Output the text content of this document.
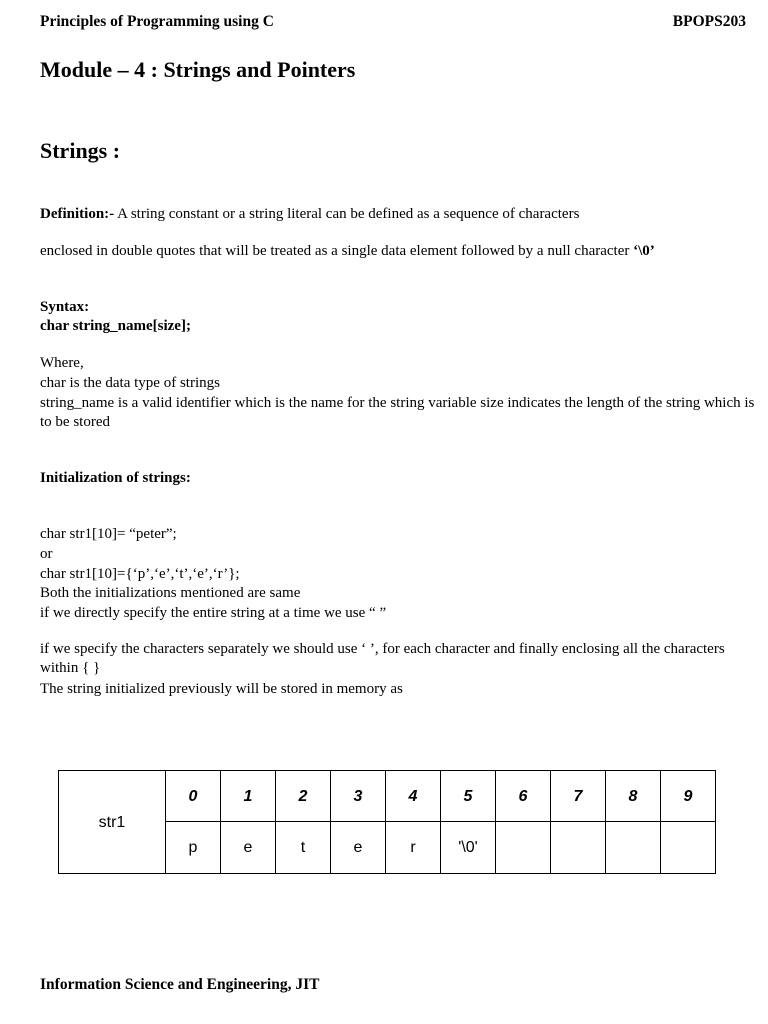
Principles of Programming using C	BPOPS203
Module – 4 : Strings and Pointers
Strings :

Definition:- A string constant or a string literal can be defined as a sequence of characters

enclosed in double quotes that will be treated as a single data element followed by a null character ‘\0’

Syntax:
char string_name[size];
Where,
char is the data type of strings

string_name is a valid identifier which is the name for the string variable size indicates the length of the string which is to be stored

Initialization of strings:
char str1[10]= “peter”;
or
char str1[10]={‘p’,‘e’,‘t’,‘e’,‘r’};
Both the initializations mentioned are same
if we directly specify the entire string at a time we use “ ”

if we specify the characters separately we should use ‘ ’, for each character and finally enclosing all the characters within { }

The string initialized previously will be stored in memory as
str1	0	1	2	3	4	5	6	7	8	9
	p	e	t	e	r	'\0'				
Information Science and Engineering, JIT
